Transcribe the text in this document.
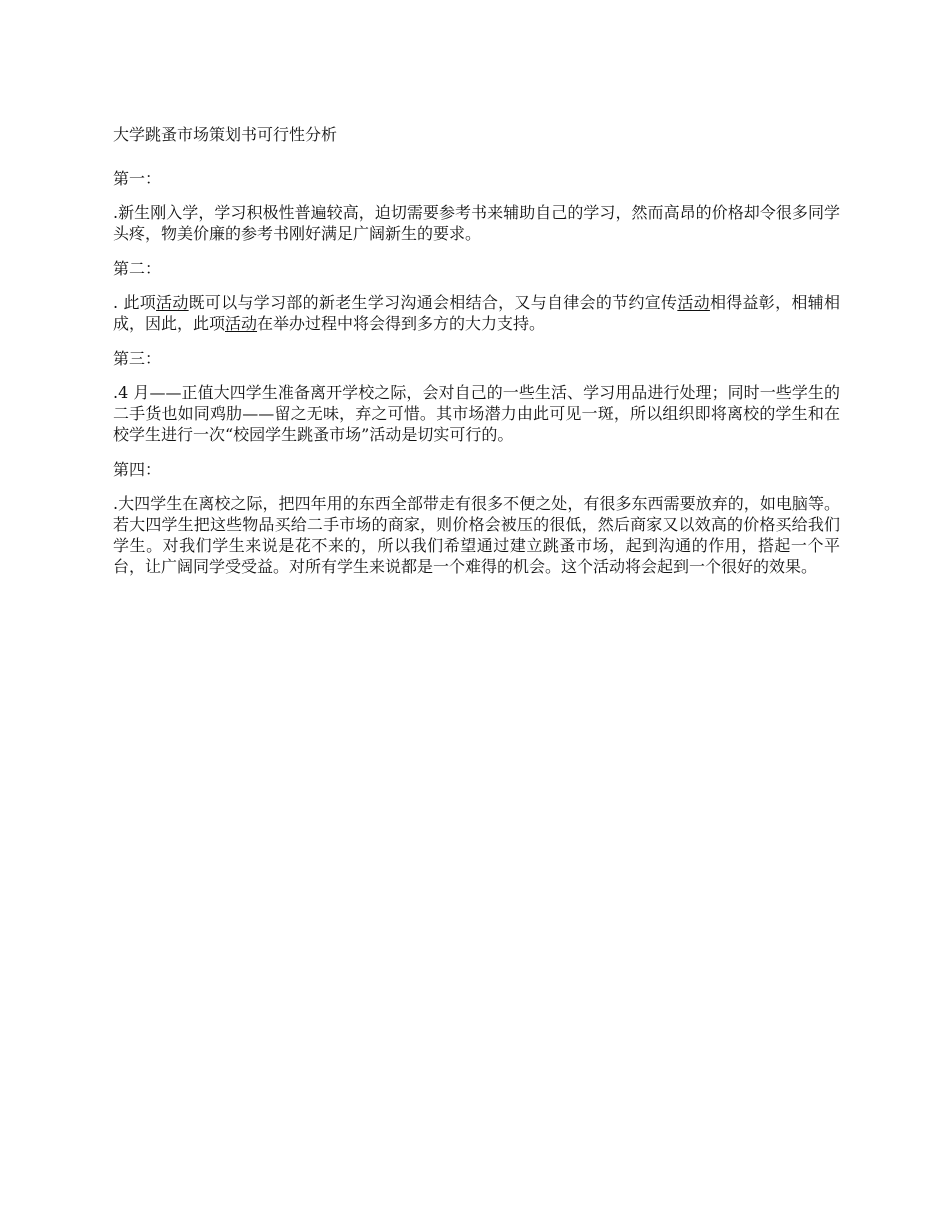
大学跳蚤市场策划书可行性分析
第一：

.新生刚入学，学习积极性普遍较高，迫切需要参考书来辅助自己的学习，然而高昂的价格却令很多同学头疼，物美价廉的参考书刚好满足广阔新生的要求。

第二：

. 此项活动既可以与学习部的新老生学习沟通会相结合，又与自律会的节约宣传活动相得益彰，相辅相成，因此，此项活动在举办过程中将会得到多方的大力支持。

第三：

.4 月——正值大四学生准备离开学校之际，会对自己的一些生活、学习用品进行处理；同时一些学生的二手货也如同鸡肋——留之无味，弃之可惜。其市场潜力由此可见一斑，所以组织即将离校的学生和在校学生进行一次“校园学生跳蚤市场”活动是切实可行的。

第四：

.大四学生在离校之际，把四年用的东西全部带走有很多不便之处，有很多东西需要放弃的，如电脑等。若大四学生把这些物品买给二手市场的商家，则价格会被压的很低，然后商家又以效高的价格买给我们学生。对我们学生来说是花不来的，所以我们希望通过建立跳蚤市场，起到沟通的作用，搭起一个平台，让广阔同学受受益。对所有学生来说都是一个难得的机会。这个活动将会起到一个很好的效果。
